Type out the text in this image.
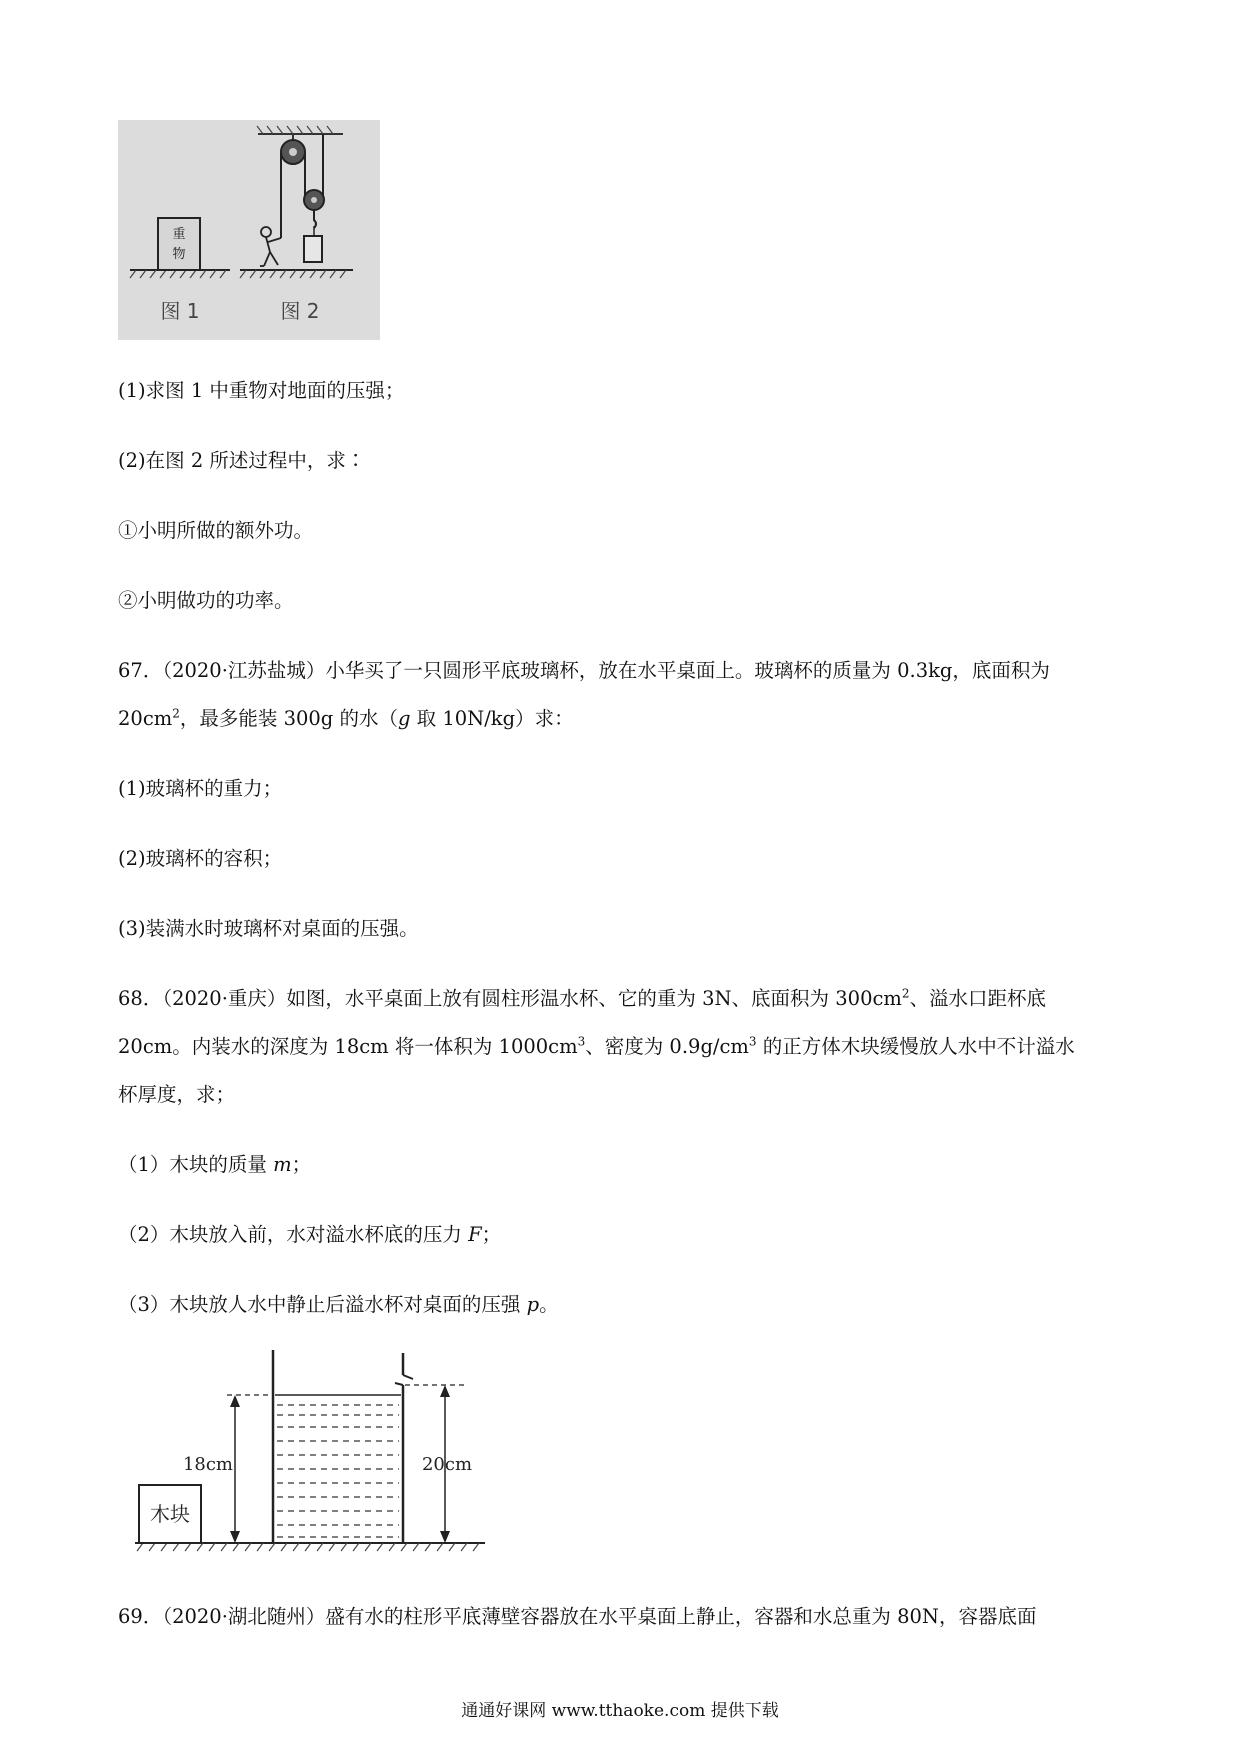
重
物
图 1	图 2
(1)求图 1 中重物对地面的压强；
(2)在图 2 所述过程中，求∶
①小明所做的额外功。
②小明做功的功率。
67．（2020·江苏盐城）小华买了一只圆形平底玻璃杯，放在水平桌面上。玻璃杯的质量为 0.3kg，底面积为
$20cm^2$，最多能装 300g 的水（g 取 10N/kg）求：
(1)玻璃杯的重力；
(2)玻璃杯的容积；
(3)装满水时玻璃杯对桌面的压强。
68．（2020·重庆）如图，水平桌面上放有圆柱形温水杯、它的重为 3N、底面积为 $300cm^2$、溢水口距杯底
20cm。内装水的深度为 18cm 将一体积为 $1000cm^3$、密度为 $0.9g/cm^3$ 的正方体木块缓慢放人水中不计溢水
杯厚度，求；
（1）木块的质量 m；
（2）木块放入前，水对溢水杯底的压力 F；
（3）木块放人水中静止后溢水杯对桌面的压强 p。
木块
18cm	20cm
69．（2020·湖北随州）盛有水的柱形平底薄壁容器放在水平桌面上静止，容器和水总重为 80N，容器底面
通通好课网 www.tthaoke.com 提供下载
